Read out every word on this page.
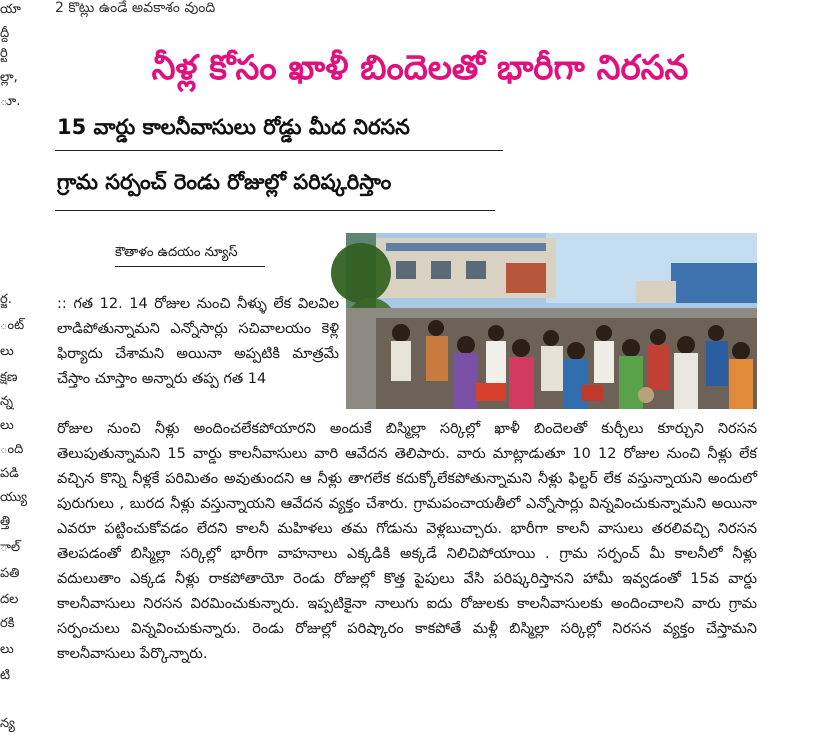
యా
ద్దీ
ర్టి
ల్లా,
ూ.
ర్జ.
ంట్
లు
క్షణ
న్న
లు
ంది
పడి
య్యు
త్తి
ాల్
పతి
దల
రకి
లు
టి
న్య
2 కొట్లు ఉండే అవకాశం వుంది
నీళ్ల కోసం ఖాళీ బిందెలతో భారీగా నిరసన
15 వార్డు కాలనీవాసులు రోడ్డు మీద నిరసన
గ్రామ సర్పంచ్ రెండు రోజుల్లో పరిష్కరిస్తాం
కౌతాళం ఉదయం న్యూస్
:: గత 12. 14 రోజుల నుంచి నీళ్ళు లేక విలవిల లాడిపోతున్నామని ఎన్నోసార్లు సచివాలయం కెళ్లి ఫిర్యాదు చేశామని అయినా అప్పటికి మాత్రమే చేస్తాం చూస్తాం అన్నారు తప్ప గత 14
రోజుల నుంచి నీళ్లు అందించలేకపోయారని అందుకే బిస్మిల్లా సర్కిల్లో ఖాళీ బిందెలతో కుర్చీలు కూర్చుని నిరసన తెలుపుతున్నామని 15 వార్డు కాలనీవాసులు వారి ఆవేదన తెలిపారు. వారు మాట్లాడుతూ 10 12 రోజుల నుంచి నీళ్లు లేక వచ్చిన కొన్ని నీళ్లకే పరిమితం అవుతుందని ఆ నీళ్లు తాగలేక కదుక్కోలేకపోతున్నామని నీళ్లు ఫిల్టర్ లేక వస్తున్నాయని అందులో పురుగులు , బురద నీళ్లు వస్తున్నాయని ఆవేదన వ్యక్తం చేశారు. గ్రామపంచాయతీలో ఎన్నోసార్లు విన్నవించుకున్నామని అయినా ఎవరూ పట్టించుకోవడం లేదని కాలనీ మహిళలు తమ గోడును వెళ్లబుచ్చారు. భారీగా కాలనీ వాసులు తరలివచ్చి నిరసన తెలపడంతో బిస్మిల్లా సర్కిల్లో భారీగా వాహనాలు ఎక్కడికి అక్కడే నిలిచిపోయాయి . గ్రామ సర్పంచ్ మీ కాలనీలో నీళ్లు వదులుతాం ఎక్కడ నీళ్లు రాకపోతాయో రెండు రోజుల్లో కొత్త పైపులు వేసి పరిష్కరిస్తానని హామీ ఇవ్వడంతో 15వ వార్డు కాలనీవాసులు నిరసన విరమించుకున్నారు. ఇప్పటికైనా నాలుగు ఐదు రోజులకు కాలనీవాసులకు అందించాలని వారు గ్రామ సర్పంచులు విన్నవించుకున్నారు. రెండు రోజుల్లో పరిష్కారం కాకపోతే మళ్లీ బిస్మిల్లా సర్కిల్లో నిరసన వ్యక్తం చేస్తామని కాలనీవాసులు పేర్కొన్నారు.
